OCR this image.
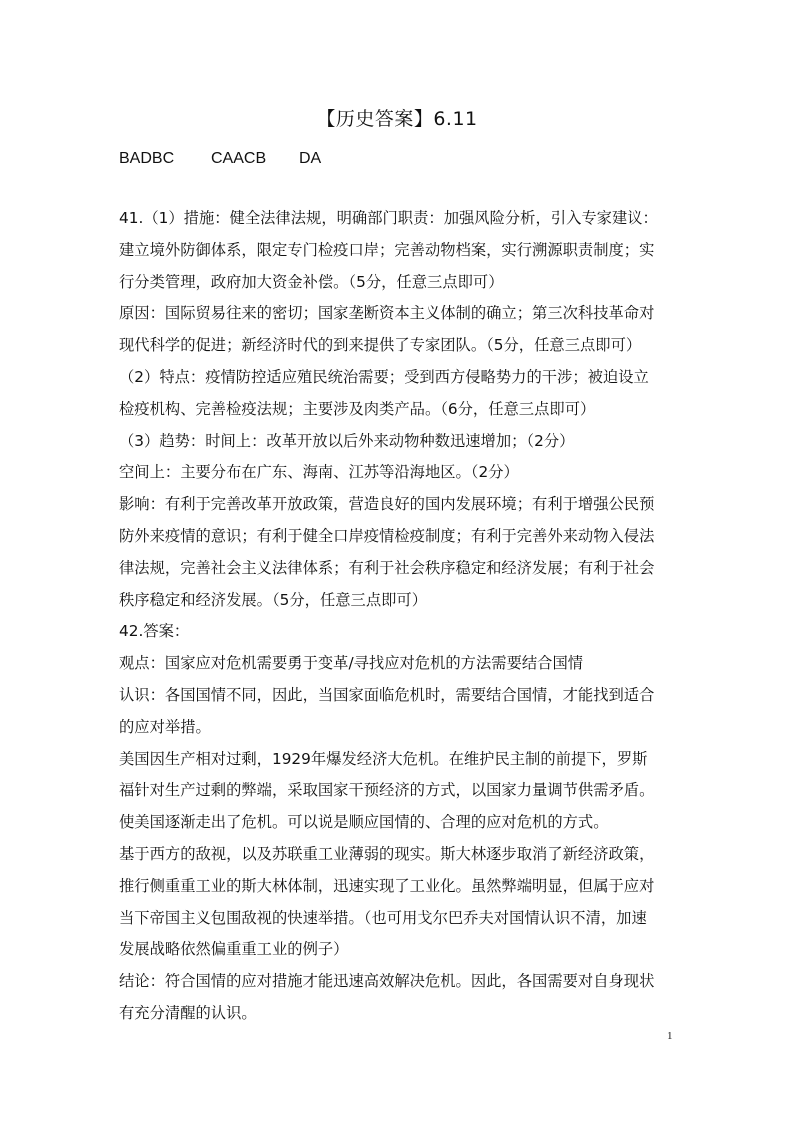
【历史答案】6.11
BADBC CAACB DA

41.（1）措施：健全法律法规，明确部门职责：加强风险分析，引入专家建议：

建立境外防御体系，限定专门检疫口岸；完善动物档案，实行溯源职责制度；实

行分类管理，政府加大资金补偿。（5分，任意三点即可）

原因：国际贸易往来的密切；国家垄断资本主义体制的确立；第三次科技革命对

现代科学的促进；新经济时代的到来提供了专家团队。（5分，任意三点即可）

（2）特点：疫情防控适应殖民统治需要；受到西方侵略势力的干涉；被迫设立

检疫机构、完善检疫法规；主要涉及肉类产品。（6分，任意三点即可）

（3）趋势：时间上：改革开放以后外来动物种数迅速增加；（2分）

空间上：主要分布在广东、海南、江苏等沿海地区。（2分）

影响：有利于完善改革开放政策，营造良好的国内发展环境；有利于增强公民预

防外来疫情的意识；有利于健全口岸疫情检疫制度；有利于完善外来动物入侵法

律法规，完善社会主义法律体系；有利于社会秩序稳定和经济发展；有利于社会

秩序稳定和经济发展。（5分，任意三点即可）

42.答案：

观点：国家应对危机需要勇于变革/寻找应对危机的方法需要结合国情

认识：各国国情不同，因此，当国家面临危机时，需要结合国情，才能找到适合

的应对举措。

美国因生产相对过剩，1929年爆发经济大危机。在维护民主制的前提下，罗斯

福针对生产过剩的弊端，采取国家干预经济的方式，以国家力量调节供需矛盾。

使美国逐渐走出了危机。可以说是顺应国情的、合理的应对危机的方式。

基于西方的敌视，以及苏联重工业薄弱的现实。斯大林逐步取消了新经济政策，

推行侧重重工业的斯大林体制，迅速实现了工业化。虽然弊端明显，但属于应对

当下帝国主义包围敌视的快速举措。（也可用戈尔巴乔夫对国情认识不清，加速

发展战略依然偏重重工业的例子）

结论：符合国情的应对措施才能迅速高效解决危机。因此，各国需要对自身现状

有充分清醒的认识。

1
